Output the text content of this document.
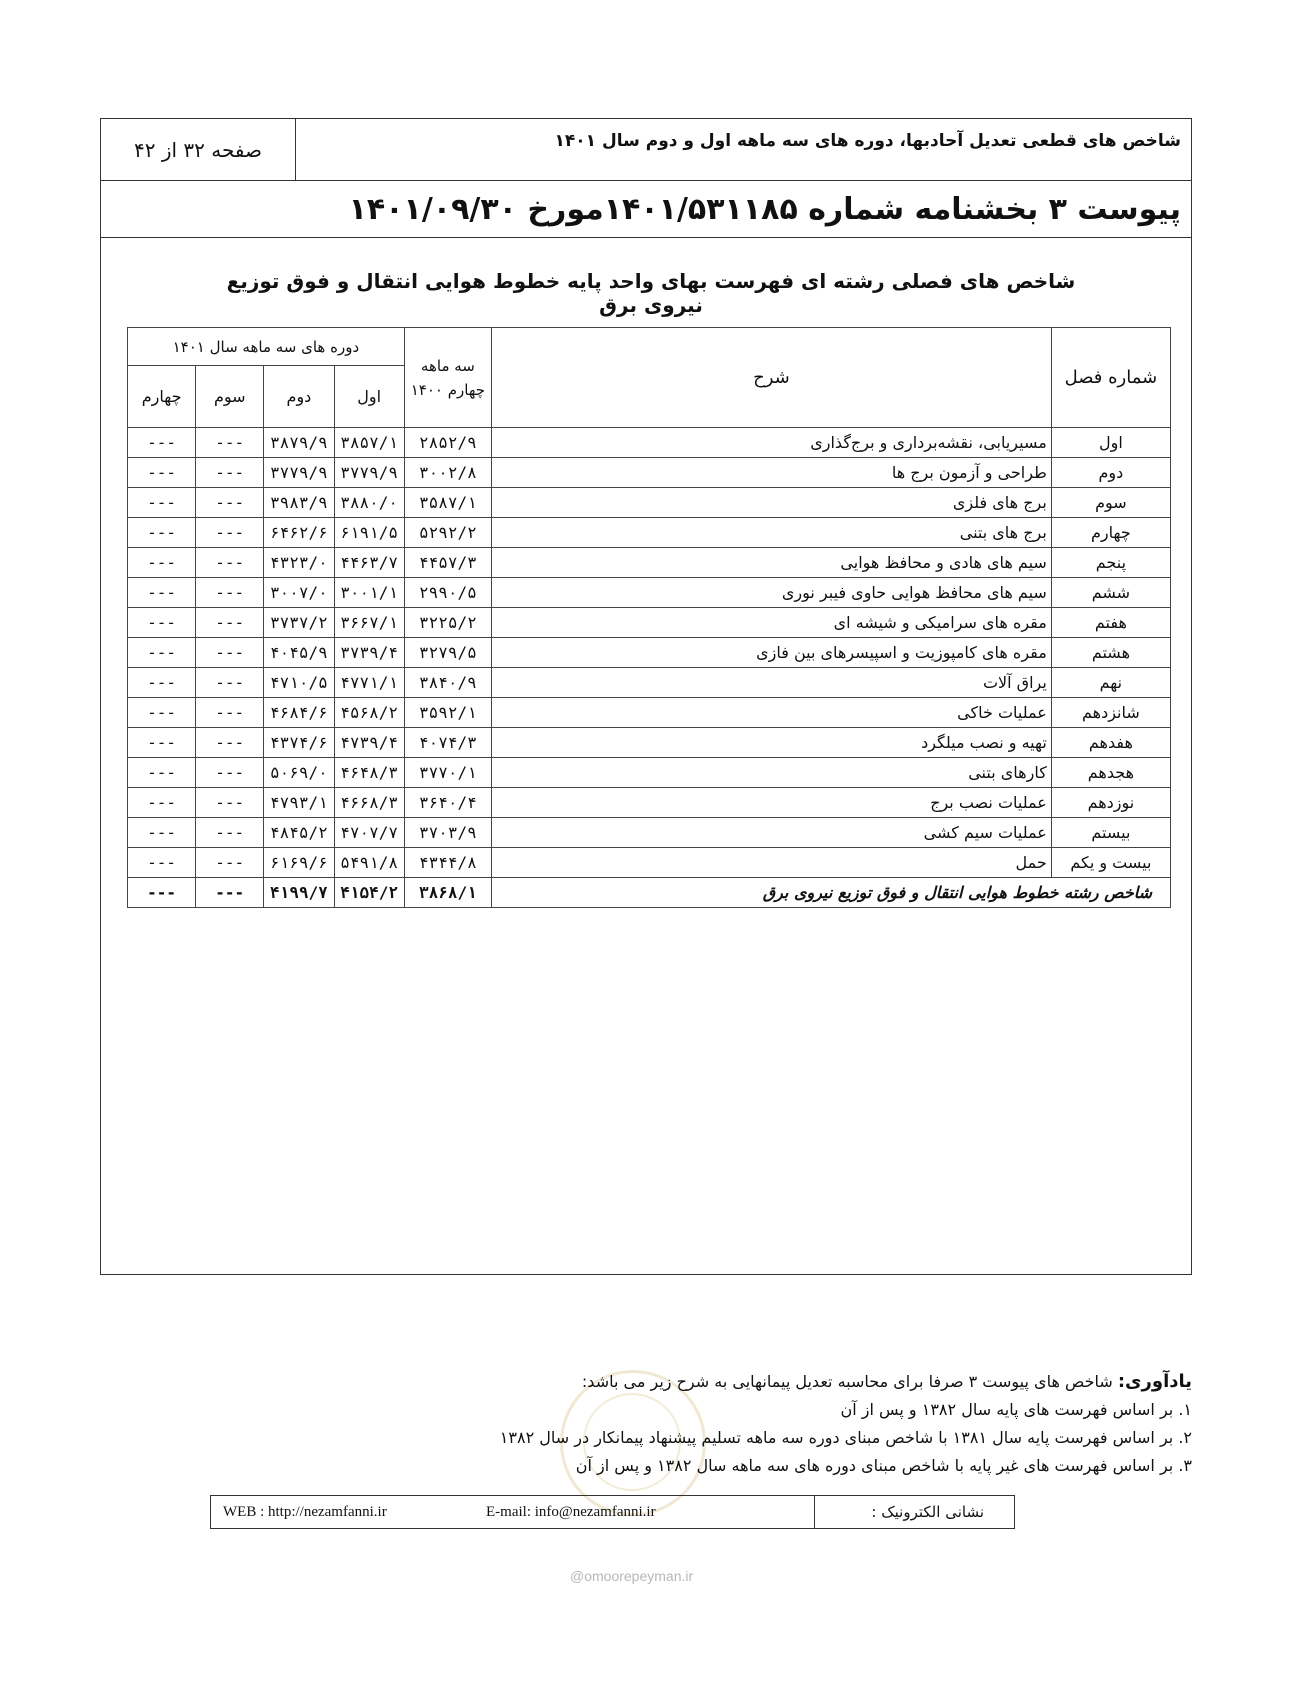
صفحه ۳۲ از ۴۲	شاخص های قطعی تعدیل آحادبها، دوره های سه ماهه اول و دوم سال ۱۴۰۱
پیوست ۳ بخشنامه شماره ۱۴۰۱/۵۳۱۱۸۵مورخ ۱۴۰۱/۰۹/۳۰
شاخص های فصلی رشته ای فهرست بهای واحد پایه خطوط هوایی انتقال و فوق توزیع نیروی برق
شماره فصل	شرح	سه ماهه چهارم ۱۴۰۰	دوره های سه ماهه سال ۱۴۰۱			
			اول	دوم	سوم	چهارم
اول	مسیریابی، نقشه‌برداری و برج‌گذاری	۲۸۵۲/۹	۳۸۵۷/۱	۳۸۷۹/۹	---	---
دوم	طراحی و آزمون برج ها	۳۰۰۲/۸	۳۷۷۹/۹	۳۷۷۹/۹	---	---
سوم	برج های فلزی	۳۵۸۷/۱	۳۸۸۰/۰	۳۹۸۳/۹	---	---
چهارم	برج های بتنی	۵۲۹۲/۲	۶۱۹۱/۵	۶۴۶۲/۶	---	---
پنجم	سیم های هادی و محافظ هوایی	۴۴۵۷/۳	۴۴۶۳/۷	۴۳۲۳/۰	---	---
ششم	سیم های محافظ هوایی حاوی فیبر نوری	۲۹۹۰/۵	۳۰۰۱/۱	۳۰۰۷/۰	---	---
هفتم	مقره های سرامیکی و شیشه ای	۳۲۲۵/۲	۳۶۶۷/۱	۳۷۳۷/۲	---	---
هشتم	مقره های کامپوزیت و اسپیسرهای بین فازی	۳۲۷۹/۵	۳۷۳۹/۴	۴۰۴۵/۹	---	---
نهم	یراق آلات	۳۸۴۰/۹	۴۷۷۱/۱	۴۷۱۰/۵	---	---
شانزدهم	عملیات خاکی	۳۵۹۲/۱	۴۵۶۸/۲	۴۶۸۴/۶	---	---
هفدهم	تهیه و نصب میلگرد	۴۰۷۴/۳	۴۷۳۹/۴	۴۳۷۴/۶	---	---
هجدهم	کارهای بتنی	۳۷۷۰/۱	۴۶۴۸/۳	۵۰۶۹/۰	---	---
نوزدهم	عملیات نصب برج	۳۶۴۰/۴	۴۶۶۸/۳	۴۷۹۳/۱	---	---
بیستم	عملیات سیم کشی	۳۷۰۳/۹	۴۷۰۷/۷	۴۸۴۵/۲	---	---
بیست و یکم	حمل	۴۳۴۴/۸	۵۴۹۱/۸	۶۱۶۹/۶	---	---
شاخص رشته خطوط هوایی انتقال و فوق توزیع نیروی برق		۳۸۶۸/۱	۴۱۵۴/۲	۴۱۹۹/۷	---	---
یادآوری: شاخص های پیوست ۳ صرفا برای محاسبه تعدیل پیمانهایی به شرح زیر می باشد:
۱. بر اساس فهرست های پایه سال ۱۳۸۲ و پس از آن
۲. بر اساس فهرست پایه سال ۱۳۸۱ با شاخص مبنای دوره سه ماهه تسلیم پیشنهاد پیمانکار در سال ۱۳۸۲
۳. بر اساس فهرست های غیر پایه با شاخص مبنای دوره های سه ماهه سال ۱۳۸۲ و پس از آن
نشانی الکترونیک :
E-mail: info@nezamfanni.ir
WEB : http://nezamfanni.ir
@omoorepeyman.ir
